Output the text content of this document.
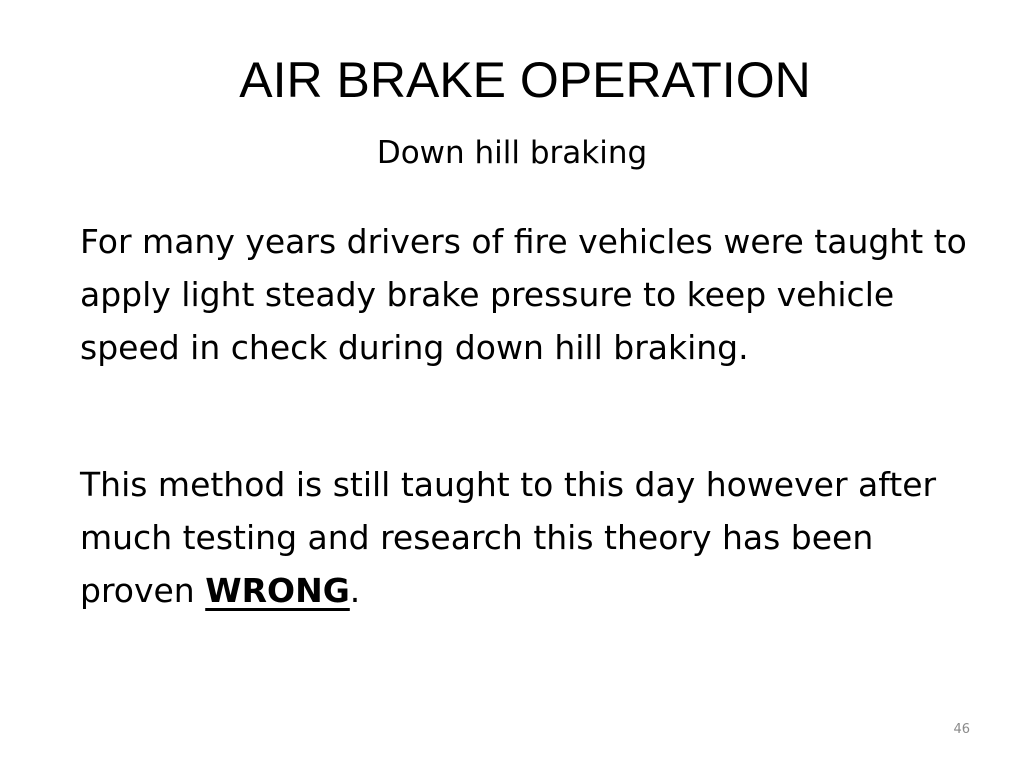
AIR BRAKE OPERATION

Down hill braking

For many years drivers of fire vehicles were taught to apply light steady brake pressure to keep vehicle speed in check during down hill braking.

This method is still taught to this day however after much testing and research this theory has been proven WRONG.

46
